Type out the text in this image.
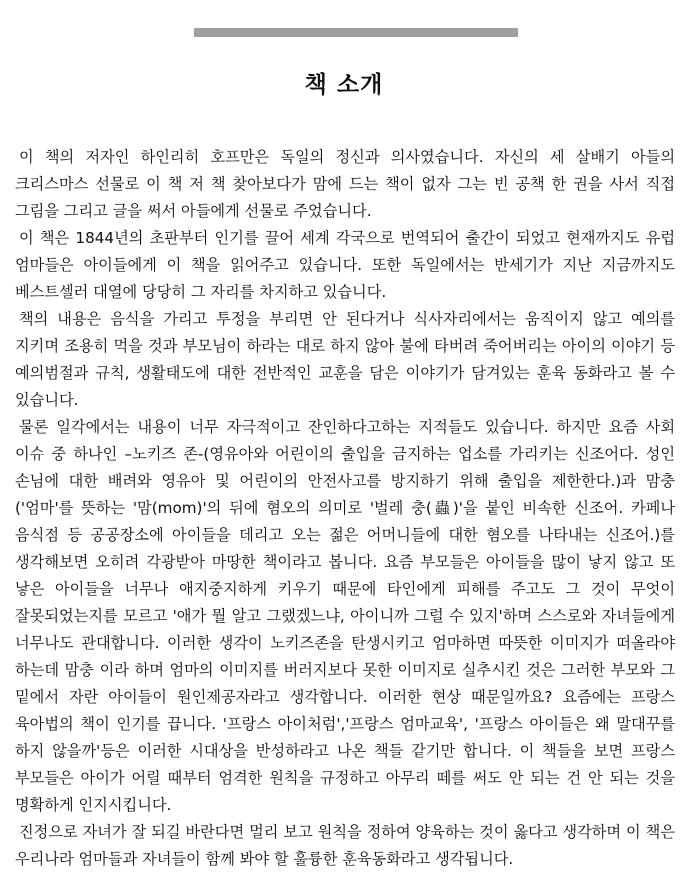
책 소개

이 책의 저자인 하인리히 호프만은 독일의 정신과 의사였습니다. 자신의 세 살배기 아들의 크리스마스 선물로 이 책 저 책 찾아보다가 맘에 드는 책이 없자 그는 빈 공책 한 권을 사서 직접 그림을 그리고 글을 써서 아들에게 선물로 주었습니다.

이 책은 1844년의 초판부터 인기를 끌어 세계 각국으로 번역되어 출간이 되었고 현재까지도 유럽 엄마들은 아이들에게 이 책을 읽어주고 있습니다. 또한 독일에서는 반세기가 지난 지금까지도 베스트셀러 대열에 당당히 그 자리를 차지하고 있습니다.

책의 내용은 음식을 가리고 투정을 부리면 안 된다거나 식사자리에서는 움직이지 않고 예의를 지키며 조용히 먹을 것과 부모님이 하라는 대로 하지 않아 불에 타버려 죽어버리는 아이의 이야기 등 예의범절과 규칙, 생활태도에 대한 전반적인 교훈을 담은 이야기가 담겨있는 훈육 동화라고 볼 수 있습니다.

물론 일각에서는 내용이 너무 자극적이고 잔인하다고하는 지적들도 있습니다. 하지만 요즘 사회 이슈 중 하나인 –노키즈 존-(영유아와 어린이의 출입을 금지하는 업소를 가리키는 신조어다. 성인 손님에 대한 배려와 영유아 및 어린이의 안전사고를 방지하기 위해 출입을 제한한다.)과 맘충('엄마'를 뜻하는 '맘(mom)'의 뒤에 혐오의 의미로 '벌레 충(蟲)'을 붙인 비속한 신조어. 카페나 음식점 등 공공장소에 아이들을 데리고 오는 젊은 어머니들에 대한 혐오를 나타내는 신조어.)를 생각해보면 오히려 각광받아 마땅한 책이라고 봅니다. 요즘 부모들은 아이들을 많이 낳지 않고 또 낳은 아이들을 너무나 애지중지하게 키우기 때문에 타인에게 피해를 주고도 그 것이 무엇이 잘못되었는지를 모르고 '애가 뭘 알고 그랬겠느냐, 아이니까 그럴 수 있지'하며 스스로와 자녀들에게 너무나도 관대합니다. 이러한 생각이 노키즈존을 탄생시키고 엄마하면 따뜻한 이미지가 떠올라야 하는데 맘충 이라 하며 엄마의 이미지를 버러지보다 못한 이미지로 실추시킨 것은 그러한 부모와 그 밑에서 자란 아이들이 원인제공자라고 생각합니다. 이러한 현상 때문일까요? 요즘에는 프랑스 육아법의 책이 인기를 끕니다. '프랑스 아이처럼','프랑스 엄마교육', '프랑스 아이들은 왜 말대꾸를 하지 않을까'등은 이러한 시대상을 반성하라고 나온 책들 같기만 합니다. 이 책들을 보면 프랑스 부모들은 아이가 어릴 때부터 엄격한 원칙을 규정하고 아무리 떼를 써도 안 되는 건 안 되는 것을 명확하게 인지시킵니다.

진정으로 자녀가 잘 되길 바란다면 멀리 보고 원칙을 정하여 양육하는 것이 옳다고 생각하며 이 책은 우리나라 엄마들과 자녀들이 함께 봐야 할 훌륭한 훈육동화라고 생각됩니다.
